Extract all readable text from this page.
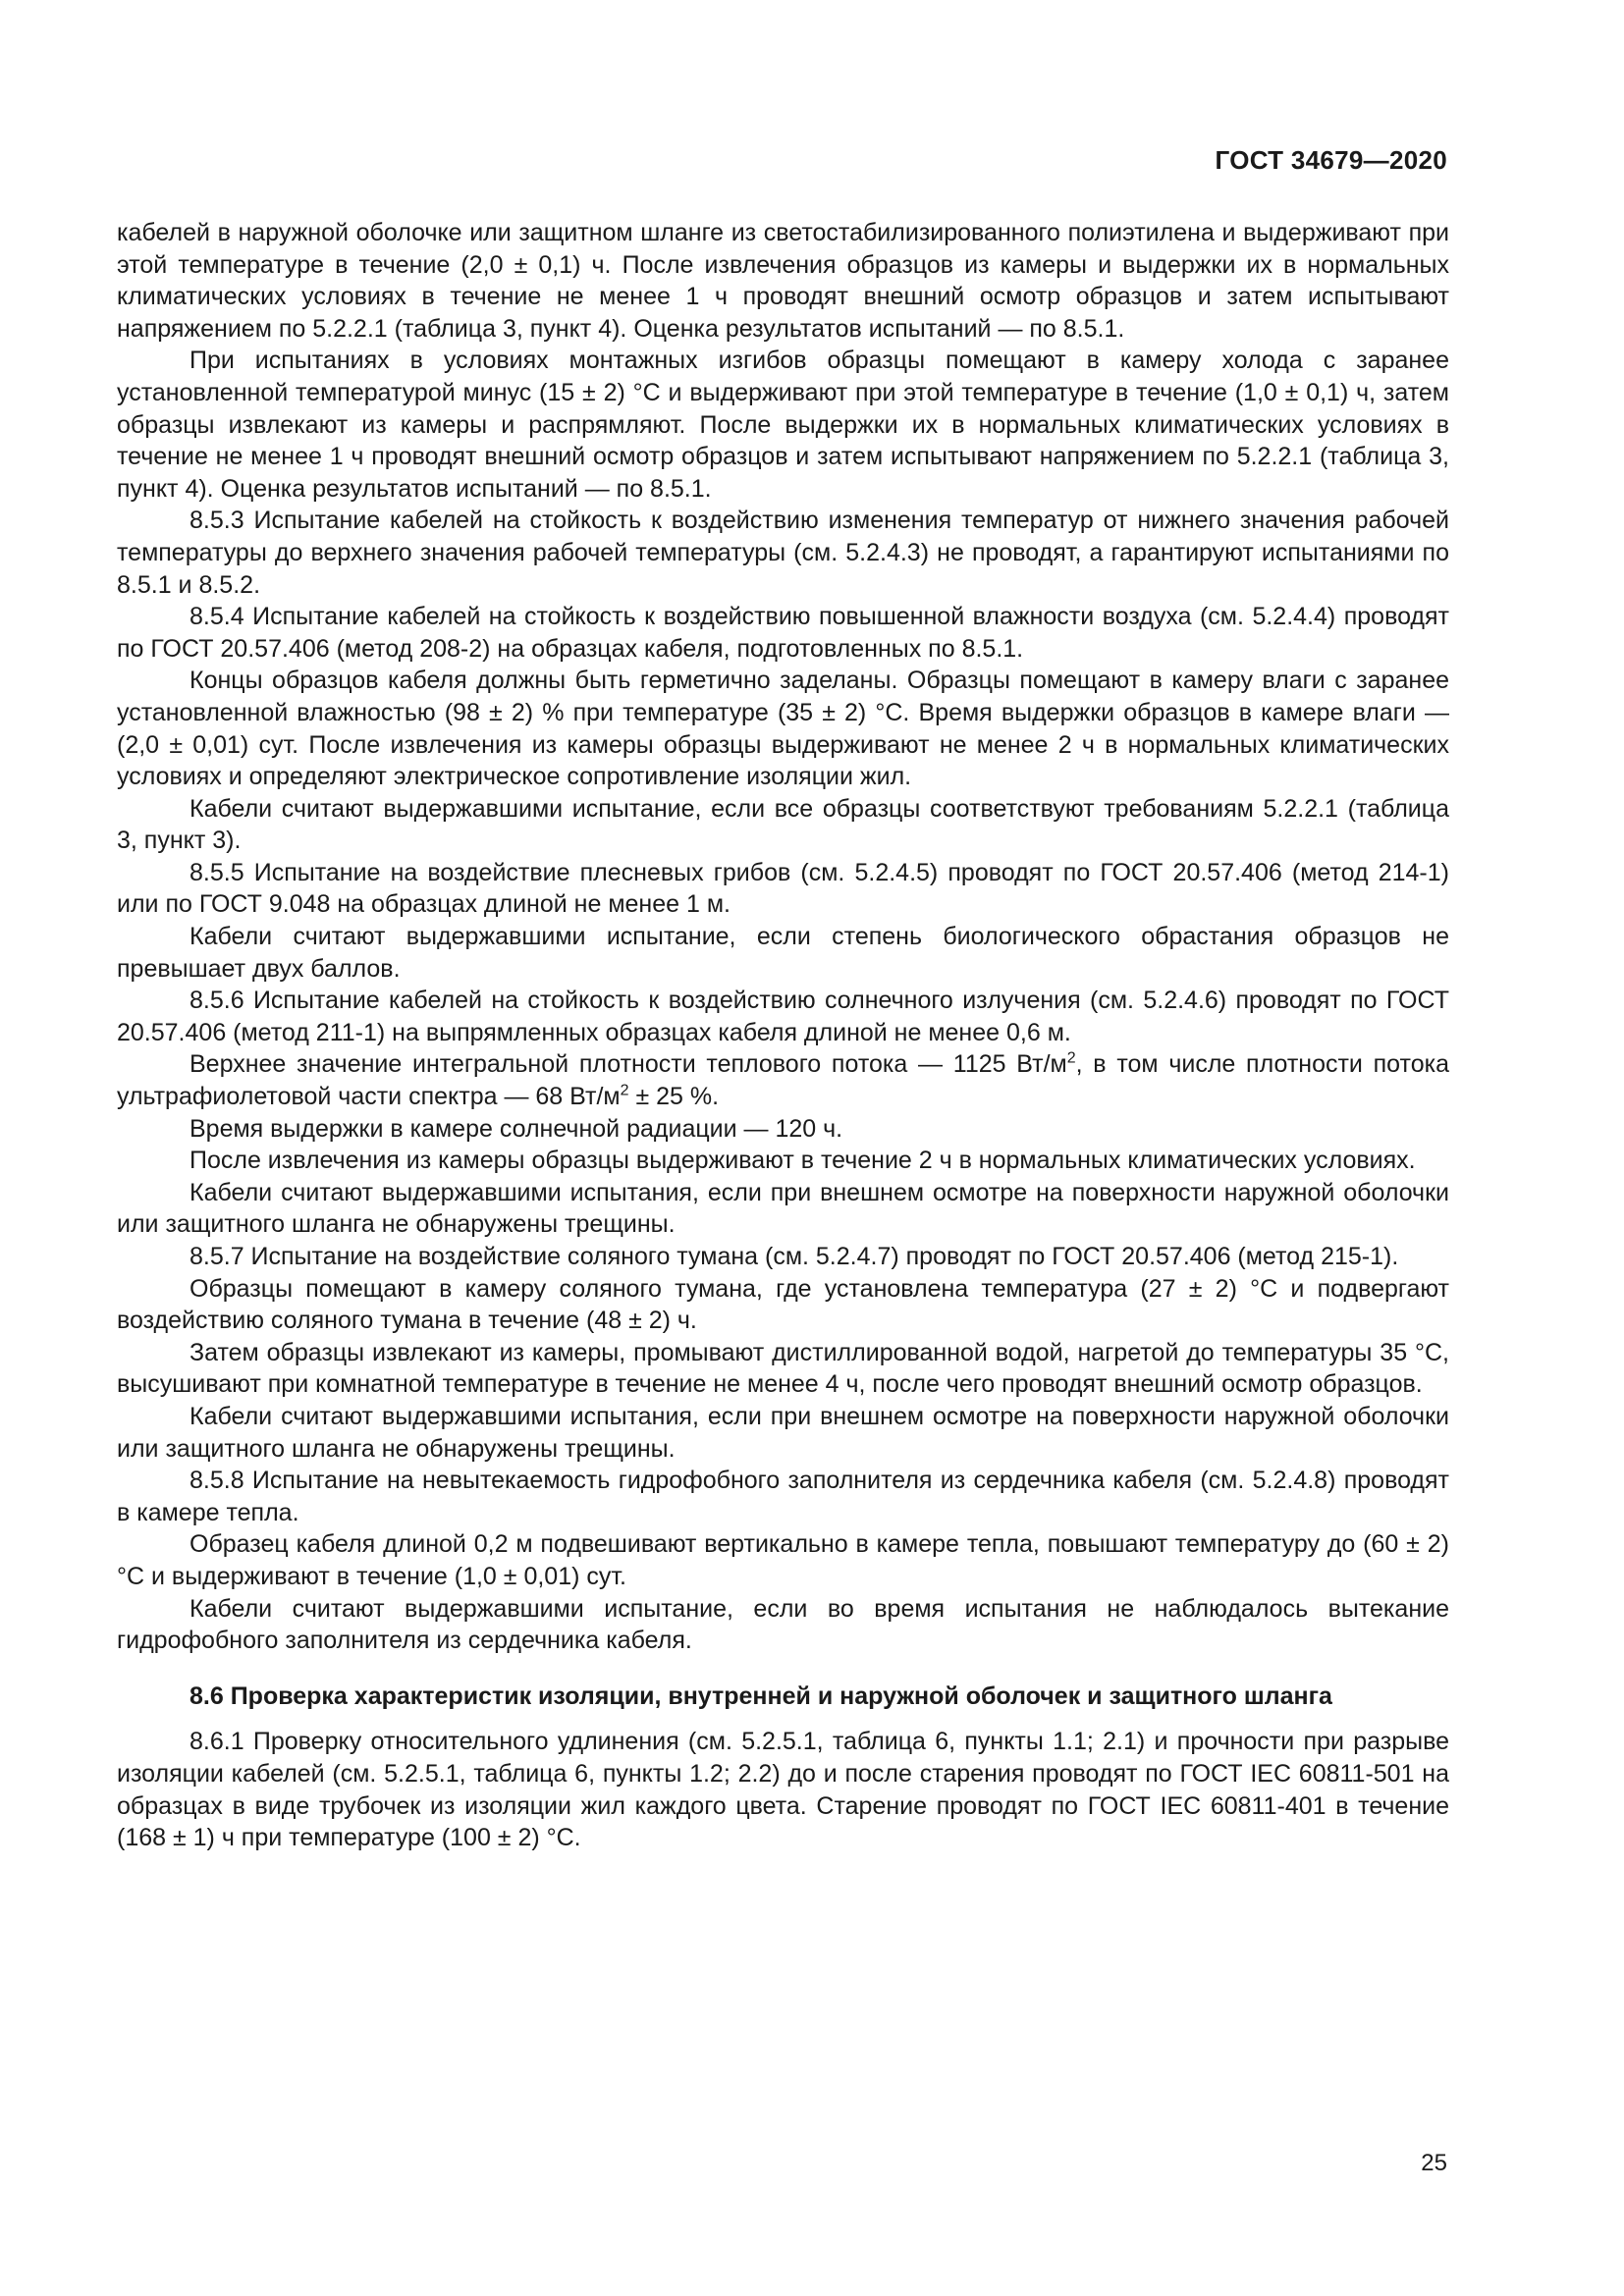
ГОСТ 34679—2020

кабелей в наружной оболочке или защитном шланге из светостабилизированного полиэтилена и выдерживают при этой температуре в течение (2,0 ± 0,1) ч. После извлечения образцов из камеры и выдержки их в нормальных климатических условиях в течение не менее 1 ч проводят внешний осмотр образцов и затем испытывают напряжением по 5.2.2.1 (таблица 3, пункт 4). Оценка результатов испытаний — по 8.5.1.

При испытаниях в условиях монтажных изгибов образцы помещают в камеру холода с заранее установленной температурой минус (15 ± 2) °С и выдерживают при этой температуре в течение (1,0 ± 0,1) ч, затем образцы извлекают из камеры и распрямляют. После выдержки их в нормальных климатических условиях в течение не менее 1 ч проводят внешний осмотр образцов и затем испытывают напряжением по 5.2.2.1 (таблица 3, пункт 4). Оценка результатов испытаний — по 8.5.1.

8.5.3 Испытание кабелей на стойкость к воздействию изменения температур от нижнего значения рабочей температуры до верхнего значения рабочей температуры (см. 5.2.4.3) не проводят, а гарантируют испытаниями по 8.5.1 и 8.5.2.

8.5.4 Испытание кабелей на стойкость к воздействию повышенной влажности воздуха (см. 5.2.4.4) проводят по ГОСТ 20.57.406 (метод 208-2) на образцах кабеля, подготовленных по 8.5.1.

Концы образцов кабеля должны быть герметично заделаны. Образцы помещают в камеру влаги с заранее установленной влажностью (98 ± 2) % при температуре (35 ± 2) °С. Время выдержки образцов в камере влаги — (2,0 ± 0,01) сут. После извлечения из камеры образцы выдерживают не менее 2 ч в нормальных климатических условиях и определяют электрическое сопротивление изоляции жил.

Кабели считают выдержавшими испытание, если все образцы соответствуют требованиям 5.2.2.1 (таблица 3, пункт 3).

8.5.5 Испытание на воздействие плесневых грибов (см. 5.2.4.5) проводят по ГОСТ 20.57.406 (метод 214-1) или по ГОСТ 9.048 на образцах длиной не менее 1 м.

Кабели считают выдержавшими испытание, если степень биологического обрастания образцов не превышает двух баллов.

8.5.6 Испытание кабелей на стойкость к воздействию солнечного излучения (см. 5.2.4.6) проводят по ГОСТ 20.57.406 (метод 211-1) на выпрямленных образцах кабеля длиной не менее 0,6 м.

Верхнее значение интегральной плотности теплового потока — 1125 $Вт/м^2$, в том числе плотности потока ультрафиолетовой части спектра — 68 $Вт/м^2 \pm 25$ %.

Время выдержки в камере солнечной радиации — 120 ч.

После извлечения из камеры образцы выдерживают в течение 2 ч в нормальных климатических условиях.

Кабели считают выдержавшими испытания, если при внешнем осмотре на поверхности наружной оболочки или защитного шланга не обнаружены трещины.

8.5.7 Испытание на воздействие соляного тумана (см. 5.2.4.7) проводят по ГОСТ 20.57.406 (метод 215-1).

Образцы помещают в камеру соляного тумана, где установлена температура (27 ± 2) °С и подвергают воздействию соляного тумана в течение (48 ± 2) ч.

Затем образцы извлекают из камеры, промывают дистиллированной водой, нагретой до температуры 35 °С, высушивают при комнатной температуре в течение не менее 4 ч, после чего проводят внешний осмотр образцов.

Кабели считают выдержавшими испытания, если при внешнем осмотре на поверхности наружной оболочки или защитного шланга не обнаружены трещины.

8.5.8 Испытание на невытекаемость гидрофобного заполнителя из сердечника кабеля (см. 5.2.4.8) проводят в камере тепла.

Образец кабеля длиной 0,2 м подвешивают вертикально в камере тепла, повышают температуру до (60 ± 2) °С и выдерживают в течение (1,0 ± 0,01) сут.

Кабели считают выдержавшими испытание, если во время испытания не наблюдалось вытекание гидрофобного заполнителя из сердечника кабеля.

8.6 Проверка характеристик изоляции, внутренней и наружной оболочек и защитного шланга

8.6.1 Проверку относительного удлинения (см. 5.2.5.1, таблица 6, пункты 1.1; 2.1) и прочности при разрыве изоляции кабелей (см. 5.2.5.1, таблица 6, пункты 1.2; 2.2) до и после старения проводят по ГОСТ IEC 60811-501 на образцах в виде трубочек из изоляции жил каждого цвета. Старение проводят по ГОСТ IEC 60811-401 в течение (168 ± 1) ч при температуре (100 ± 2) °С.

25
